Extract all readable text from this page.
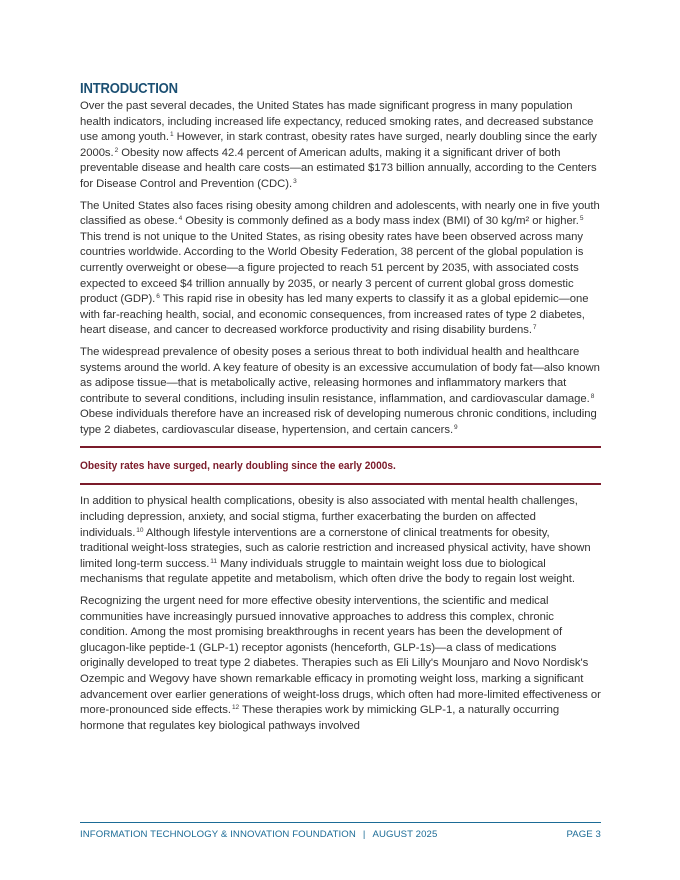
INTRODUCTION

Over the past several decades, the United States has made significant progress in many population health indicators, including increased life expectancy, reduced smoking rates, and decreased substance use among youth.$^1$ However, in stark contrast, obesity rates have surged, nearly doubling since the early 2000s.$^2$ Obesity now affects 42.4 percent of American adults, making it a significant driver of both preventable disease and health care costs—an estimated $173 billion annually, according to the Centers for Disease Control and Prevention (CDC).$^3$

The United States also faces rising obesity among children and adolescents, with nearly one in five youth classified as obese.$^4$ Obesity is commonly defined as a body mass index (BMI) of 30 kg/m² or higher.$^5$ This trend is not unique to the United States, as rising obesity rates have been observed across many countries worldwide. According to the World Obesity Federation, 38 percent of the global population is currently overweight or obese—a figure projected to reach 51 percent by 2035, with associated costs expected to exceed $4 trillion annually by 2035, or nearly 3 percent of current global gross domestic product (GDP).$^6$ This rapid rise in obesity has led many experts to classify it as a global epidemic—one with far-reaching health, social, and economic consequences, from increased rates of type 2 diabetes, heart disease, and cancer to decreased workforce productivity and rising disability burdens.$^7$

The widespread prevalence of obesity poses a serious threat to both individual health and healthcare systems around the world. A key feature of obesity is an excessive accumulation of body fat—also known as adipose tissue—that is metabolically active, releasing hormones and inflammatory markers that contribute to several conditions, including insulin resistance, inflammation, and cardiovascular damage.$^8$ Obese individuals therefore have an increased risk of developing numerous chronic conditions, including type 2 diabetes, cardiovascular disease, hypertension, and certain cancers.$^9$

Obesity rates have surged, nearly doubling since the early 2000s.

In addition to physical health complications, obesity is also associated with mental health challenges, including depression, anxiety, and social stigma, further exacerbating the burden on affected individuals.$^{10}$ Although lifestyle interventions are a cornerstone of clinical treatments for obesity, traditional weight-loss strategies, such as calorie restriction and increased physical activity, have shown limited long-term success.$^{11}$ Many individuals struggle to maintain weight loss due to biological mechanisms that regulate appetite and metabolism, which often drive the body to regain lost weight.

Recognizing the urgent need for more effective obesity interventions, the scientific and medical communities have increasingly pursued innovative approaches to address this complex, chronic condition. Among the most promising breakthroughs in recent years has been the development of glucagon-like peptide-1 (GLP-1) receptor agonists (henceforth, GLP-1s)—a class of medications originally developed to treat type 2 diabetes. Therapies such as Eli Lilly's Mounjaro and Novo Nordisk's Ozempic and Wegovy have shown remarkable efficacy in promoting weight loss, marking a significant advancement over earlier generations of weight-loss drugs, which often had more-limited effectiveness or more-pronounced side effects.$^{12}$ These therapies work by mimicking GLP-1, a naturally occurring hormone that regulates key biological pathways involved

INFORMATION TECHNOLOGY & INNOVATION FOUNDATION | AUGUST 2025	PAGE 3
